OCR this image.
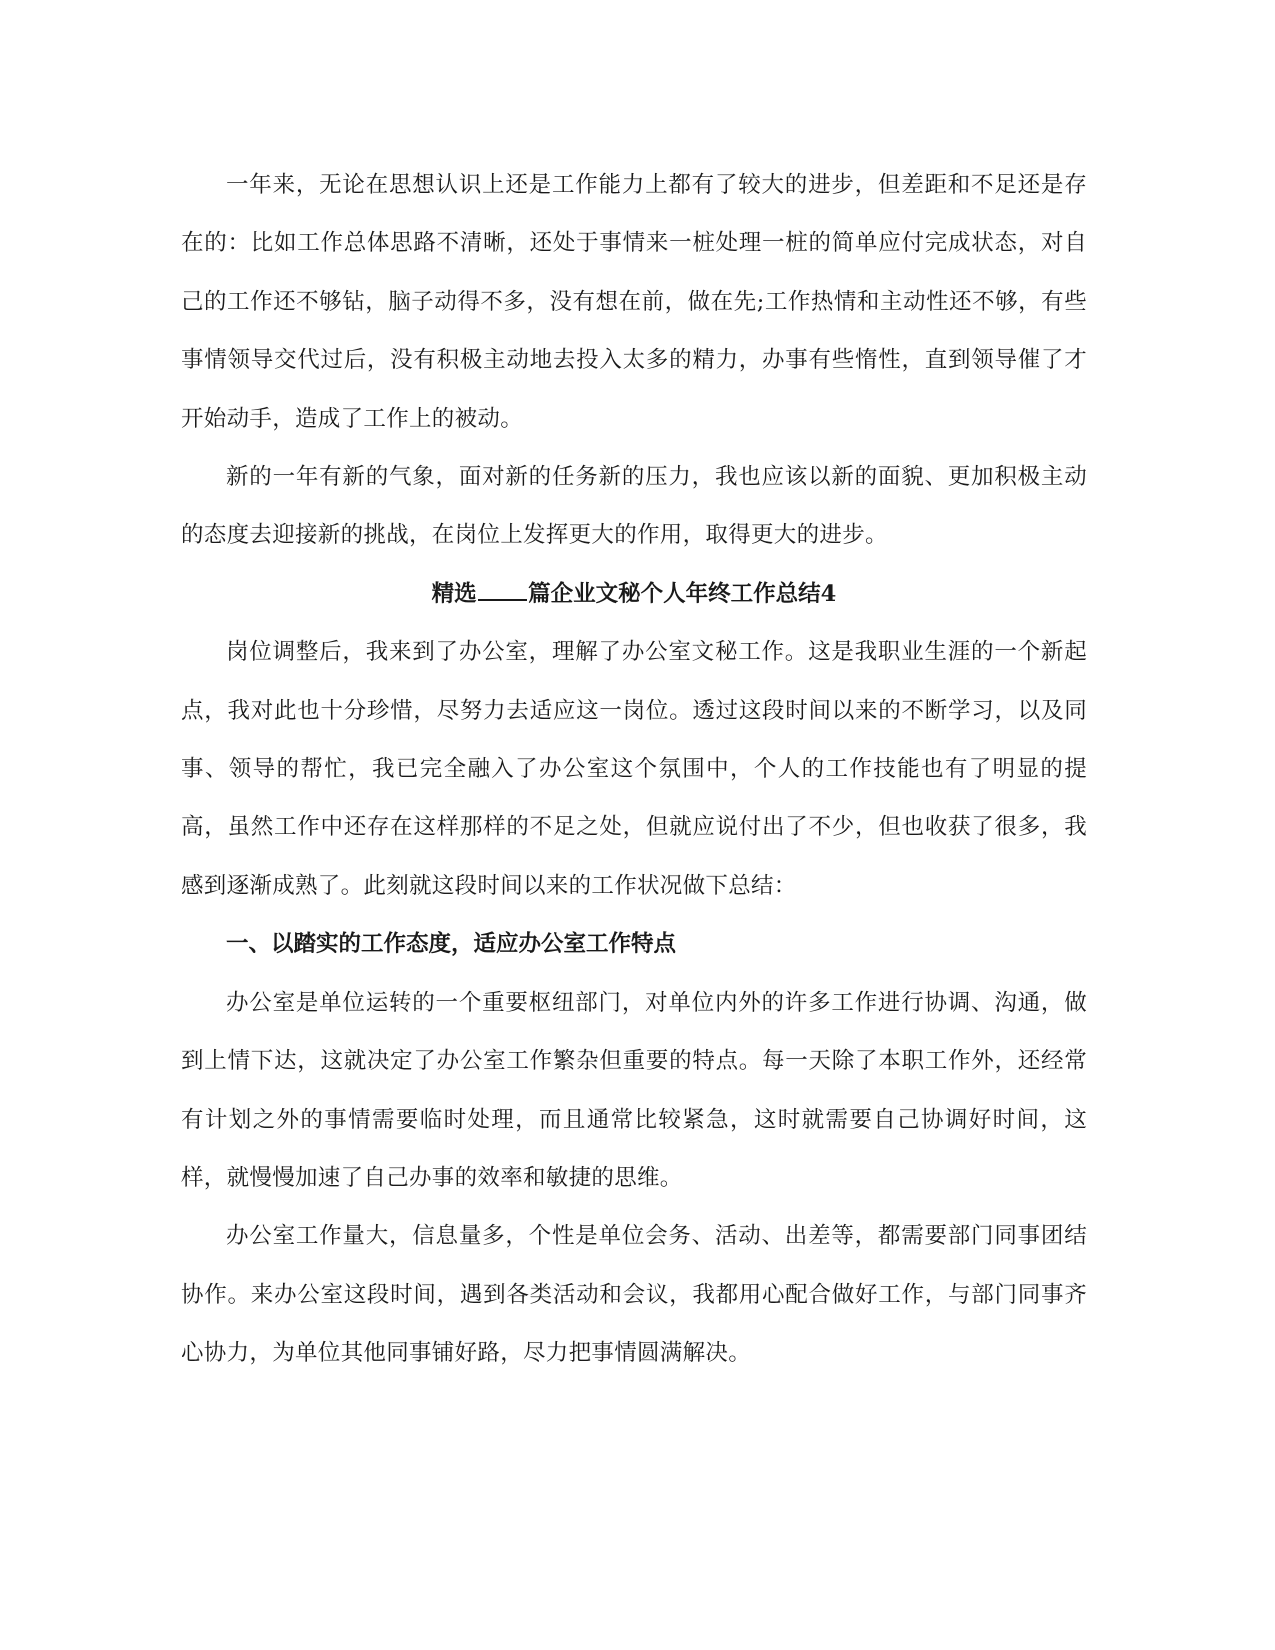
一年来，无论在思想认识上还是工作能力上都有了较大的进步，但差距和不足还是存在的：比如工作总体思路不清晰，还处于事情来一桩处理一桩的简单应付完成状态，对自己的工作还不够钻，脑子动得不多，没有想在前，做在先;工作热情和主动性还不够，有些事情领导交代过后，没有积极主动地去投入太多的精力，办事有些惰性，直到领导催了才开始动手，造成了工作上的被动。

新的一年有新的气象，面对新的任务新的压力，我也应该以新的面貌、更加积极主动的态度去迎接新的挑战，在岗位上发挥更大的作用，取得更大的进步。

精选 篇企业文秘个人年终工作总结4

岗位调整后，我来到了办公室，理解了办公室文秘工作。这是我职业生涯的一个新起点，我对此也十分珍惜，尽努力去适应这一岗位。透过这段时间以来的不断学习，以及同事、领导的帮忙，我已完全融入了办公室这个氛围中，个人的工作技能也有了明显的提高，虽然工作中还存在这样那样的不足之处，但就应说付出了不少，但也收获了很多，我感到逐渐成熟了。此刻就这段时间以来的工作状况做下总结：

一、以踏实的工作态度，适应办公室工作特点

办公室是单位运转的一个重要枢纽部门，对单位内外的许多工作进行协调、沟通，做到上情下达，这就决定了办公室工作繁杂但重要的特点。每一天除了本职工作外，还经常有计划之外的事情需要临时处理，而且通常比较紧急，这时就需要自己协调好时间，这样，就慢慢加速了自己办事的效率和敏捷的思维。

办公室工作量大，信息量多，个性是单位会务、活动、出差等，都需要部门同事团结协作。来办公室这段时间，遇到各类活动和会议，我都用心配合做好工作，与部门同事齐心协力，为单位其他同事铺好路，尽力把事情圆满解决。
